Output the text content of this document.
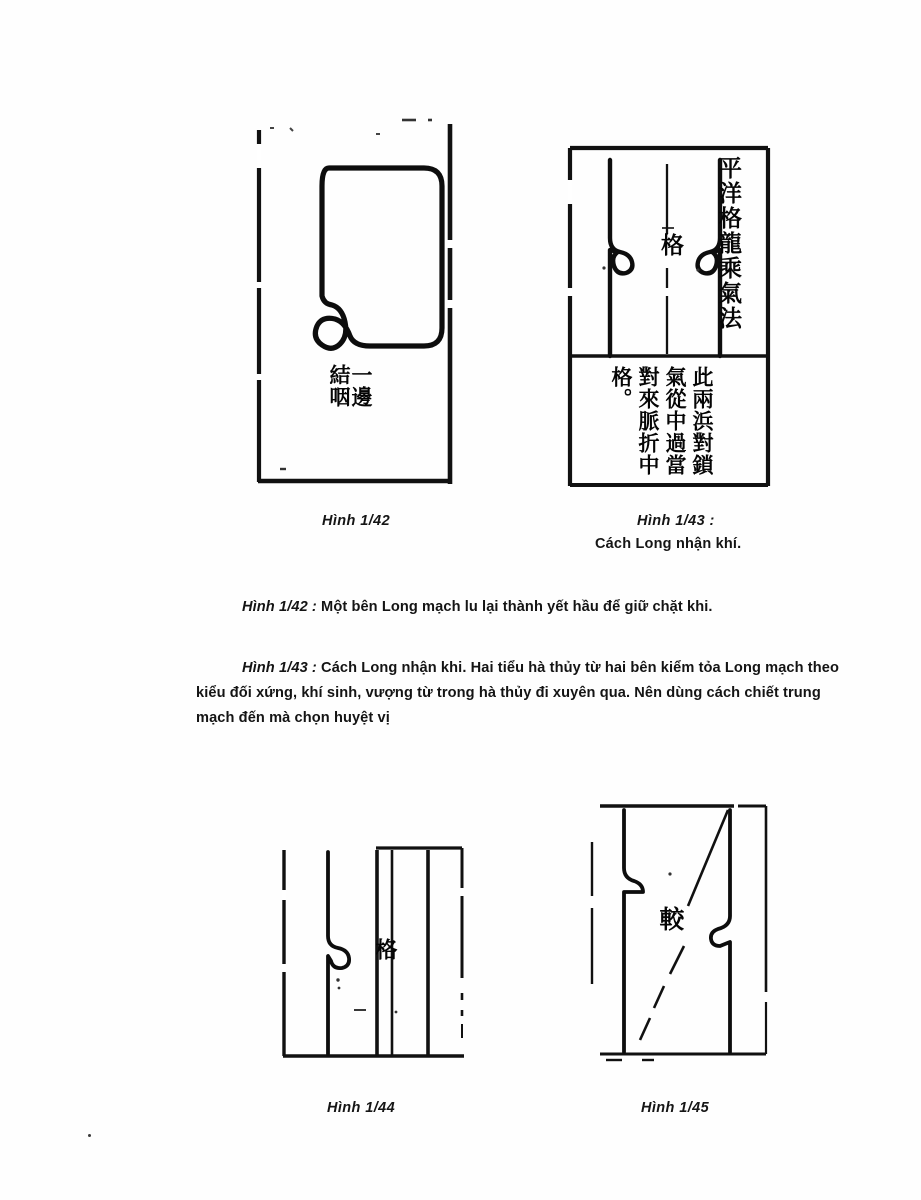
一邊
結咽
平洋格龍乘氣法
格
此兩浜對鎖
氣從中過當
對來脈折中
格。
Hình 1/42	Hình 1/43 :
Cách Long nhận khí.
Hình 1/42 : Một bên Long mạch lu lại thành yết hầu để giữ chặt khi.
Hình 1/43 : Cách Long nhận khi. Hai tiểu hà thủy từ hai bên kiểm tỏa Long mạch theo kiểu đối xứng, khí sinh, vượng từ trong hà thủy đi xuyên qua. Nên dùng cách chiết trung mạch đến mà chọn huyệt vị
格
較
Hình 1/44	Hình 1/45
